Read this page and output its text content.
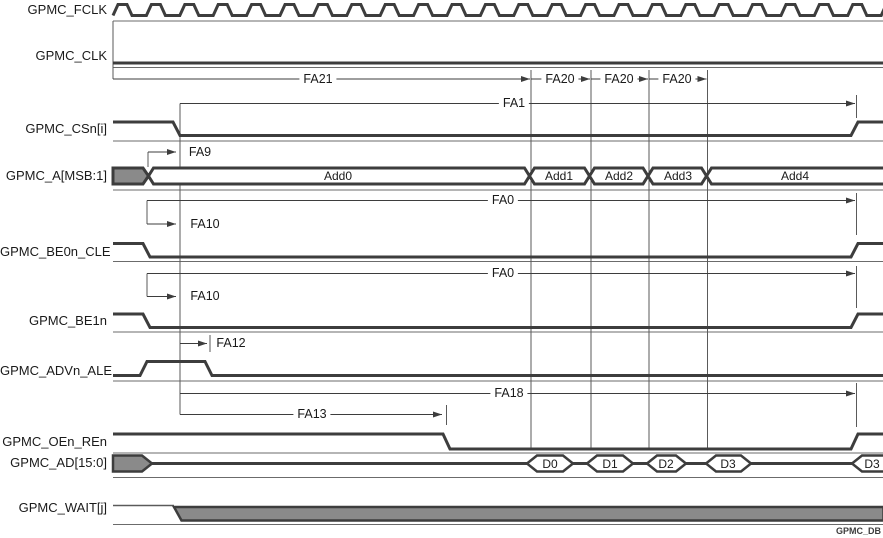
GPMC_FCLK
GPMC_CLK
GPMC_CSn[i]
GPMC_A[MSB:1]
GPMC_BE0n_CLE
GPMC_BE1n
GPMC_ADVn_ALE
GPMC_OEn_REn
GPMC_AD[15:0]
GPMC_WAIT[j]
FA21	FA20	FA20	FA20
FA1
FA9
FA0
FA10
FA0
FA10
FA12
FA18
FA13
Add0	Add1	Add2	Add3	Add4
D0	D1	D2	D3	D3
GPMC_DB
